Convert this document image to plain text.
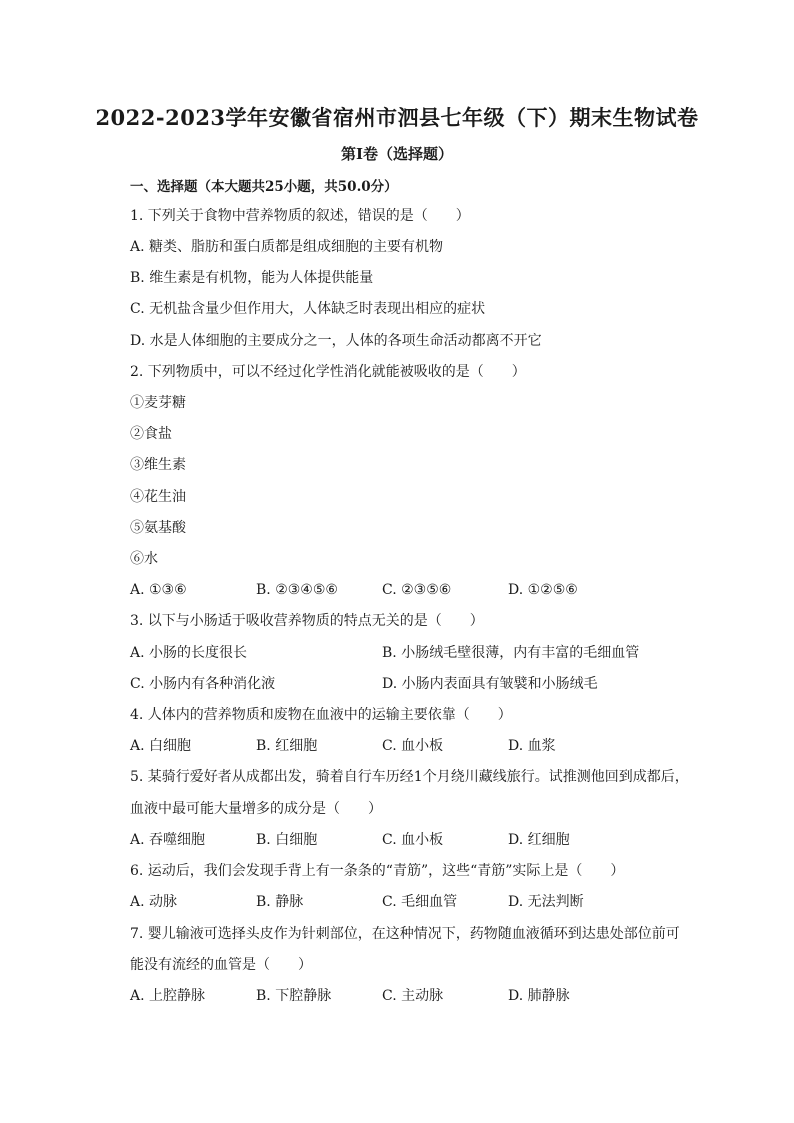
2022-2023学年安徽省宿州市泗县七年级（下）期末生物试卷
第I卷（选择题）
一、选择题（本大题共25小题，共50.0分）
1. 下列关于食物中营养物质的叙述，错误的是（　　）
A. 糖类、脂肪和蛋白质都是组成细胞的主要有机物
B. 维生素是有机物，能为人体提供能量
C. 无机盐含量少但作用大，人体缺乏时表现出相应的症状
D. 水是人体细胞的主要成分之一，人体的各项生命活动都离不开它
2. 下列物质中，可以不经过化学性消化就能被吸收的是（　　）
①麦芽糖
②食盐
③维生素
④花生油
⑤氨基酸
⑥水
A. ①③⑥	B. ②③④⑤⑥	C. ②③⑤⑥	D. ①②⑤⑥
3. 以下与小肠适于吸收营养物质的特点无关的是（　　）
A. 小肠的长度很长	B. 小肠绒毛壁很薄，内有丰富的毛细血管
C. 小肠内有各种消化液	D. 小肠内表面具有皱襞和小肠绒毛
4. 人体内的营养物质和废物在血液中的运输主要依靠（　　）
A. 白细胞	B. 红细胞	C. 血小板	D. 血浆
5. 某骑行爱好者从成都出发，骑着自行车历经1个月绕川藏线旅行。试推测他回到成都后，
血液中最可能大量增多的成分是（　　）
A. 吞噬细胞	B. 白细胞	C. 血小板	D. 红细胞
6. 运动后，我们会发现手背上有一条条的“青筋”，这些“青筋”实际上是（　　）
A. 动脉	B. 静脉	C. 毛细血管	D. 无法判断
7. 婴儿输液可选择头皮作为针刺部位，在这种情况下，药物随血液循环到达患处部位前可
能没有流经的血管是（　　）
A. 上腔静脉	B. 下腔静脉	C. 主动脉	D. 肺静脉
